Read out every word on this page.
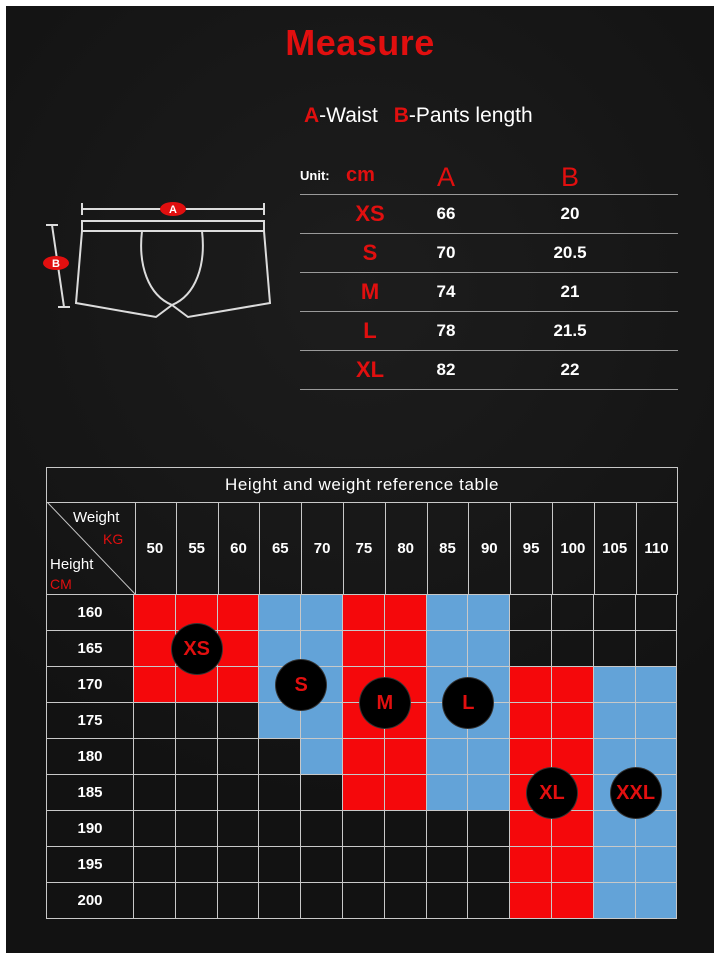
Measure
A-Waist B-Pants length
A
B
Unit: cm	A	B
XS	66	20
S	70	20.5
M	74	21
L	78	21.5
XL	82	22
Height and weight reference table
Weight
KG
Height
CM
50	55	60	65	70	75	80	85	90	95	100	105	110
160
165
170
175
180
185
190
195
200
XS
S
M	L
XL	XXL
